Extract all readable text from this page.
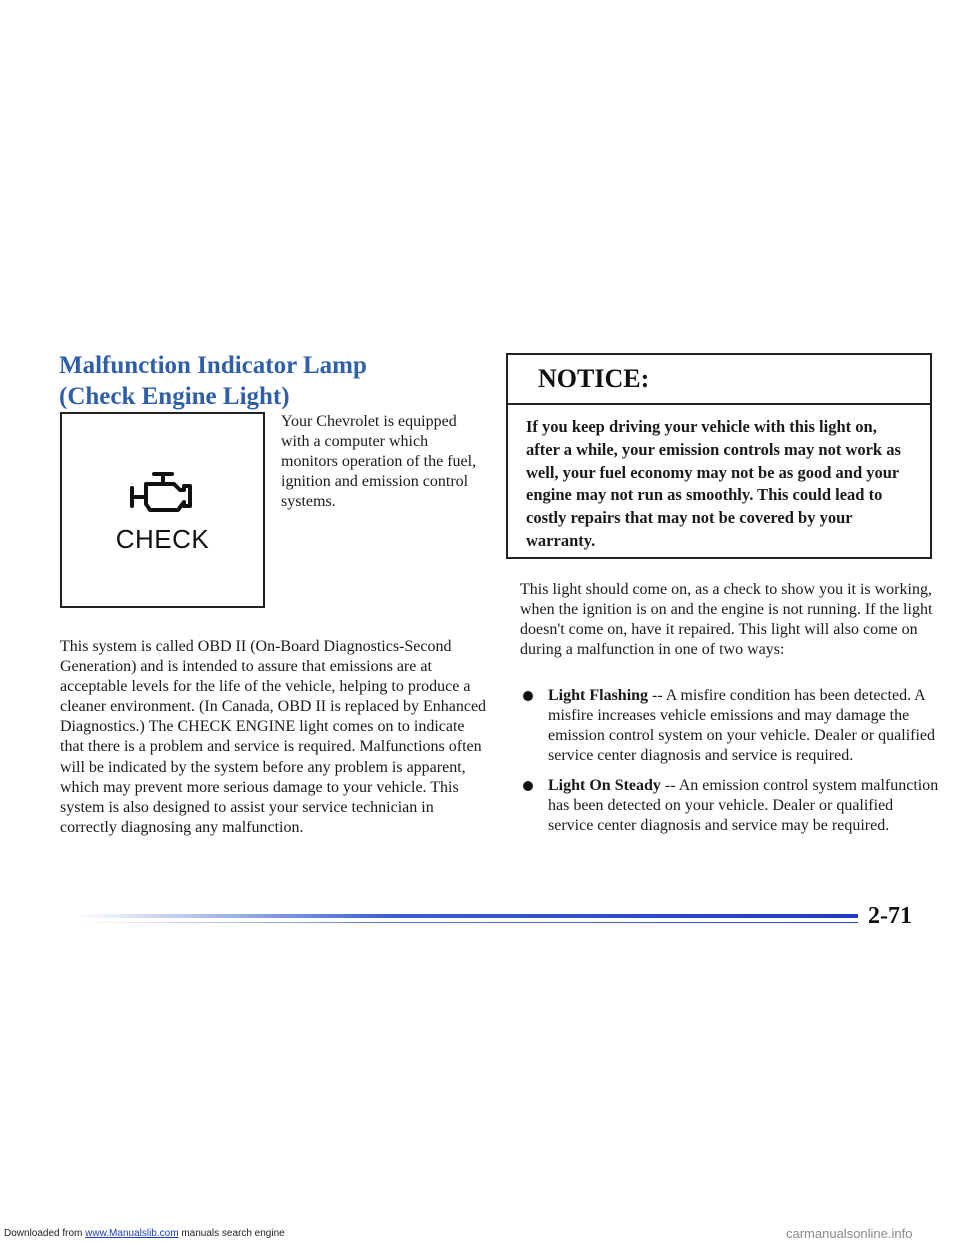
Malfunction Indicator Lamp
(Check Engine Light)
CHECK

Your Chevrolet is equipped with a computer which monitors operation of the fuel, ignition and emission control systems.

This system is called OBD II (On-Board Diagnostics-Second Generation) and is intended to assure that emissions are at acceptable levels for the life of the vehicle, helping to produce a cleaner environment. (In Canada, OBD II is replaced by Enhanced Diagnostics.) The CHECK ENGINE light comes on to indicate that there is a problem and service is required. Malfunctions often will be indicated by the system before any problem is apparent, which may prevent more serious damage to your vehicle. This system is also designed to assist your service technician in correctly diagnosing any malfunction.

NOTICE:
If you keep driving your vehicle with this light on, after a while, your emission controls may not work as well, your fuel economy may not be as good and your engine may not run as smoothly. This could lead to costly repairs that may not be covered by your warranty.

This light should come on, as a check to show you it is working, when the ignition is on and the engine is not running. If the light doesn't come on, have it repaired. This light will also come on during a malfunction in one of two ways:

Light Flashing -- A misfire condition has been detected. A misfire increases vehicle emissions and may damage the emission control system on your vehicle. Dealer or qualified service center diagnosis and service is required.
Light On Steady -- An emission control system malfunction has been detected on your vehicle. Dealer or qualified service center diagnosis and service may be required.
2-71
Downloaded from www.Manualslib.com manuals search engine	carmanualsonline.info
